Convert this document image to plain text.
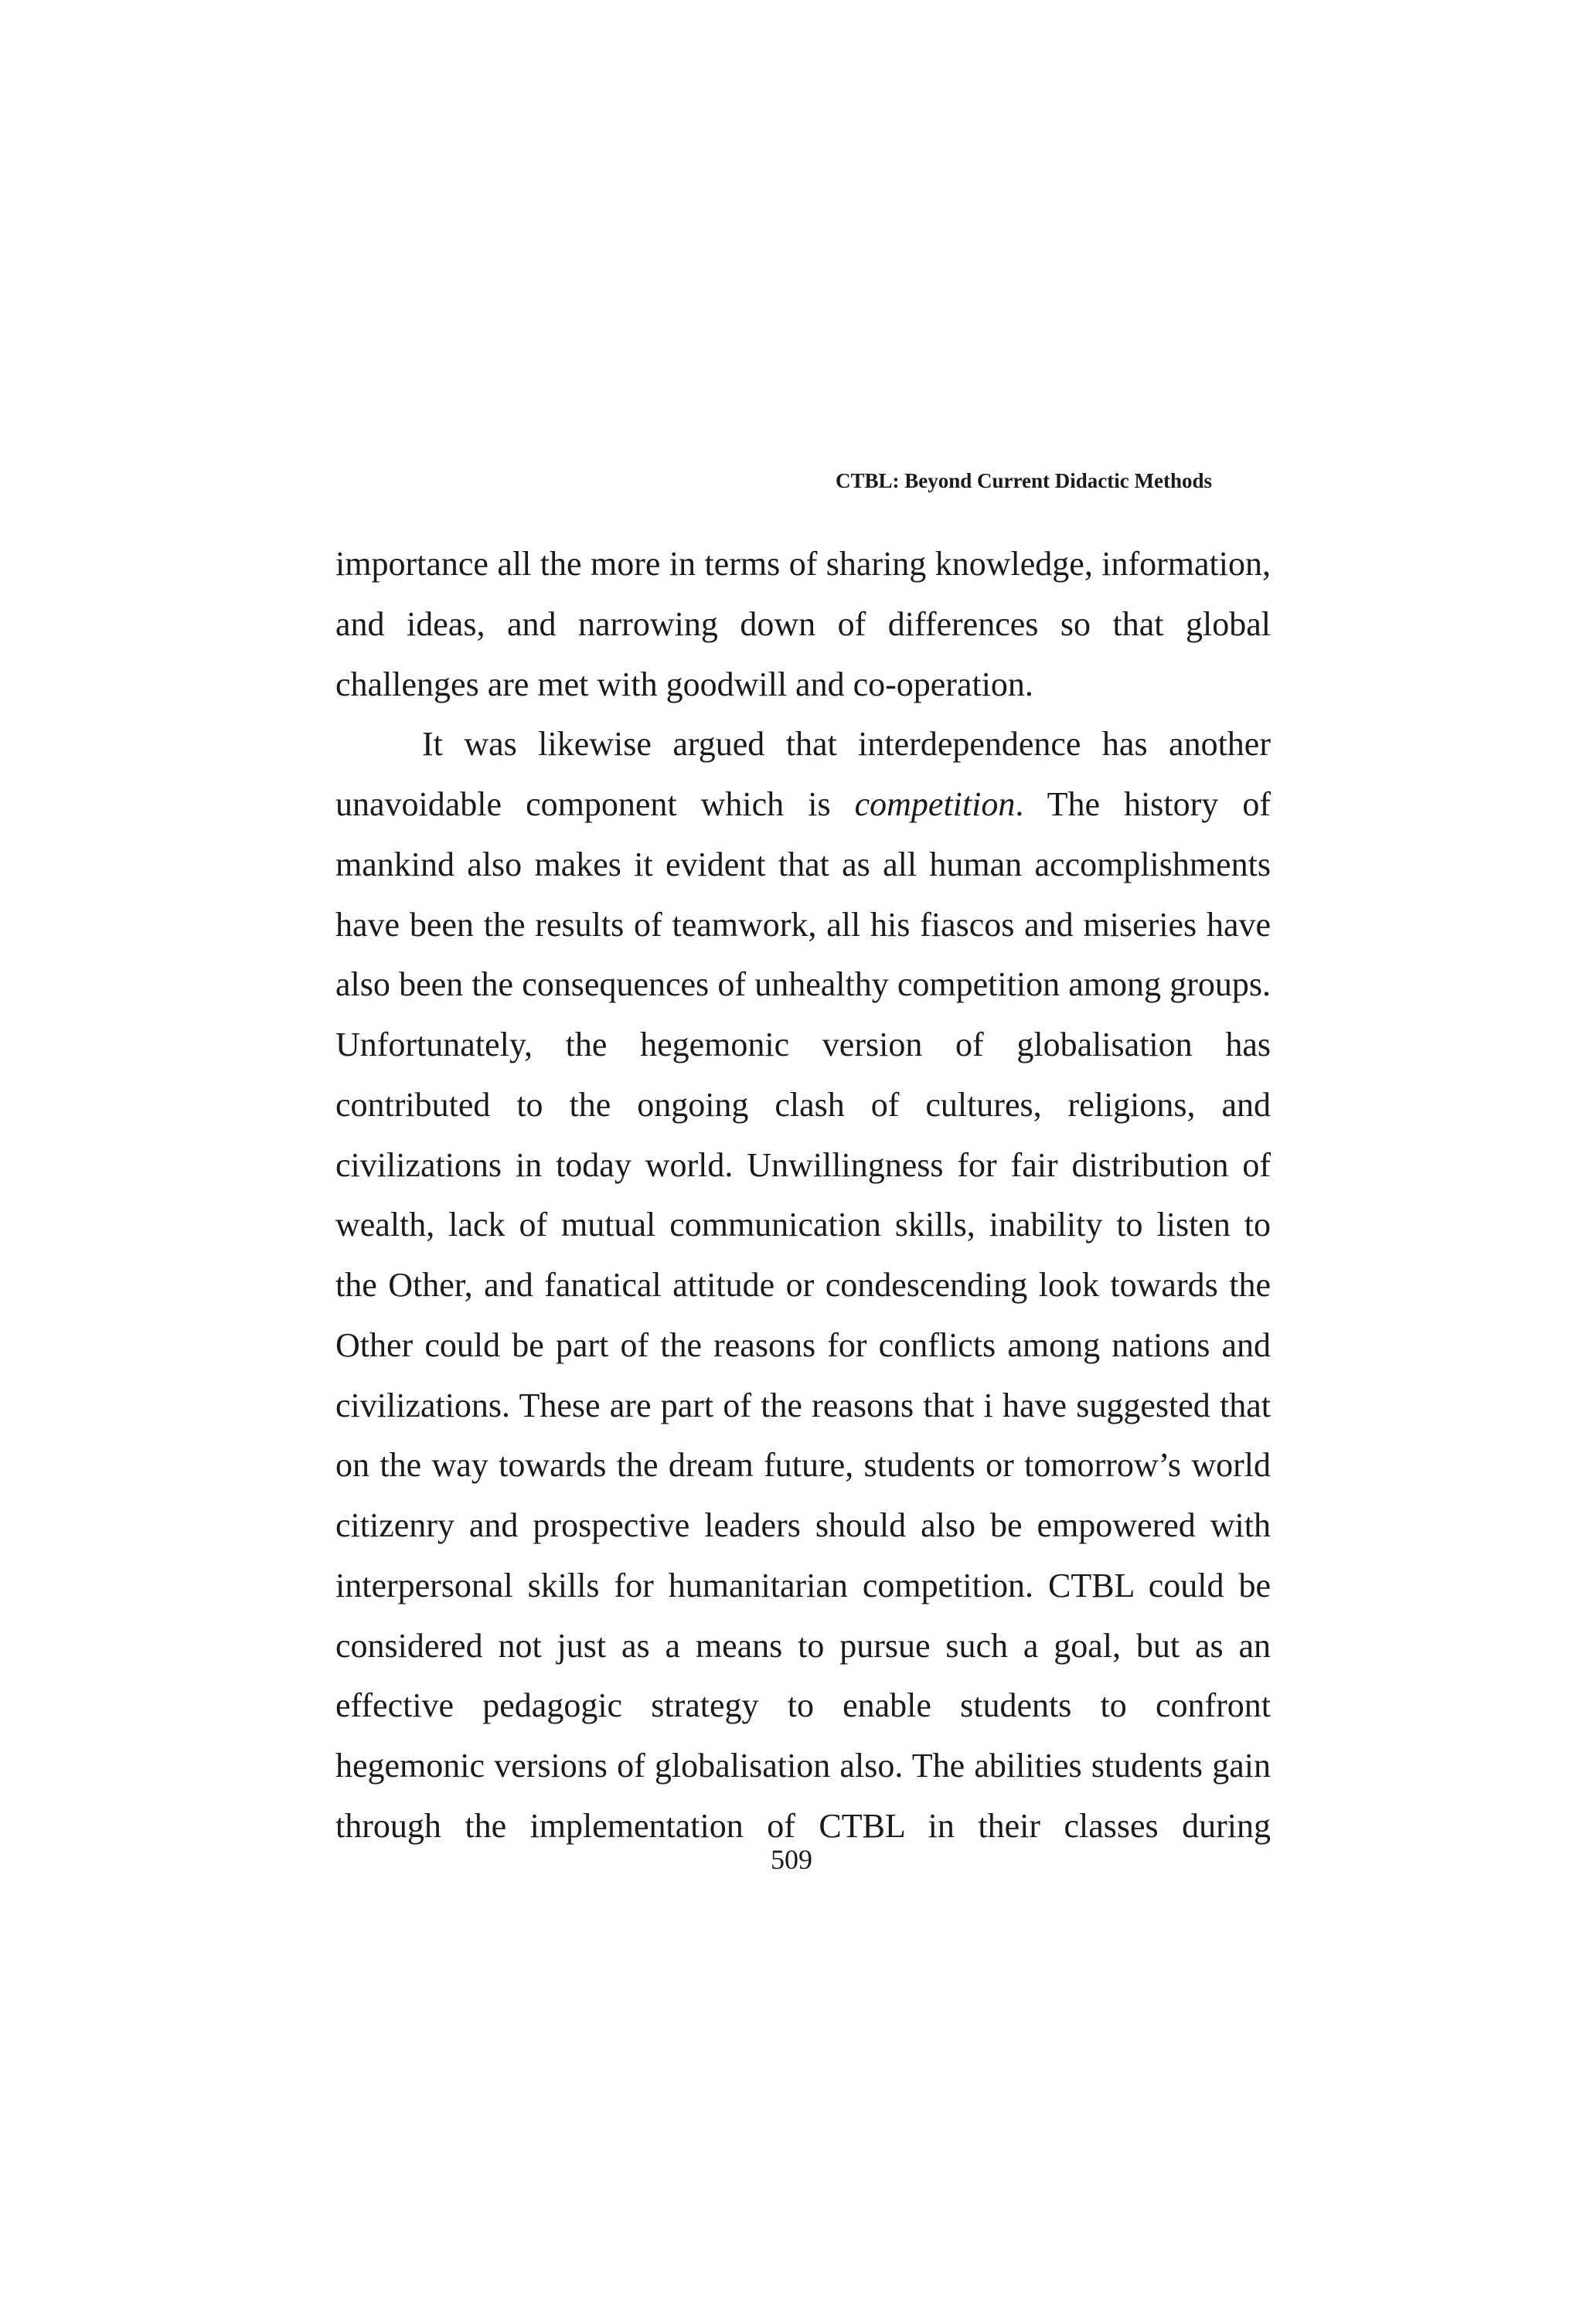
CTBL: Beyond Current Didactic Methods

importance all the more in terms of sharing knowledge, information, and ideas, and narrowing down of differences so that global challenges are met with goodwill and co-operation.

It was likewise argued that interdependence has another unavoidable component which is competition. The history of mankind also makes it evident that as all human accomplishments have been the results of teamwork, all his fiascos and miseries have also been the consequences of unhealthy competition among groups. Unfortunately, the hegemonic version of globalisation has contributed to the ongoing clash of cultures, religions, and civilizations in today world. Unwillingness for fair distribution of wealth, lack of mutual communication skills, inability to listen to the Other, and fanatical attitude or condescending look towards the Other could be part of the reasons for conflicts among nations and civilizations. These are part of the reasons that i have suggested that on the way towards the dream future, students or tomorrow’s world citizenry and prospective leaders should also be empowered with interpersonal skills for humanitarian competition. CTBL could be considered not just as a means to pursue such a goal, but as an effective pedagogic strategy to enable students to confront hegemonic versions of globalisation also. The abilities students gain through the implementation of CTBL in their classes during

509
